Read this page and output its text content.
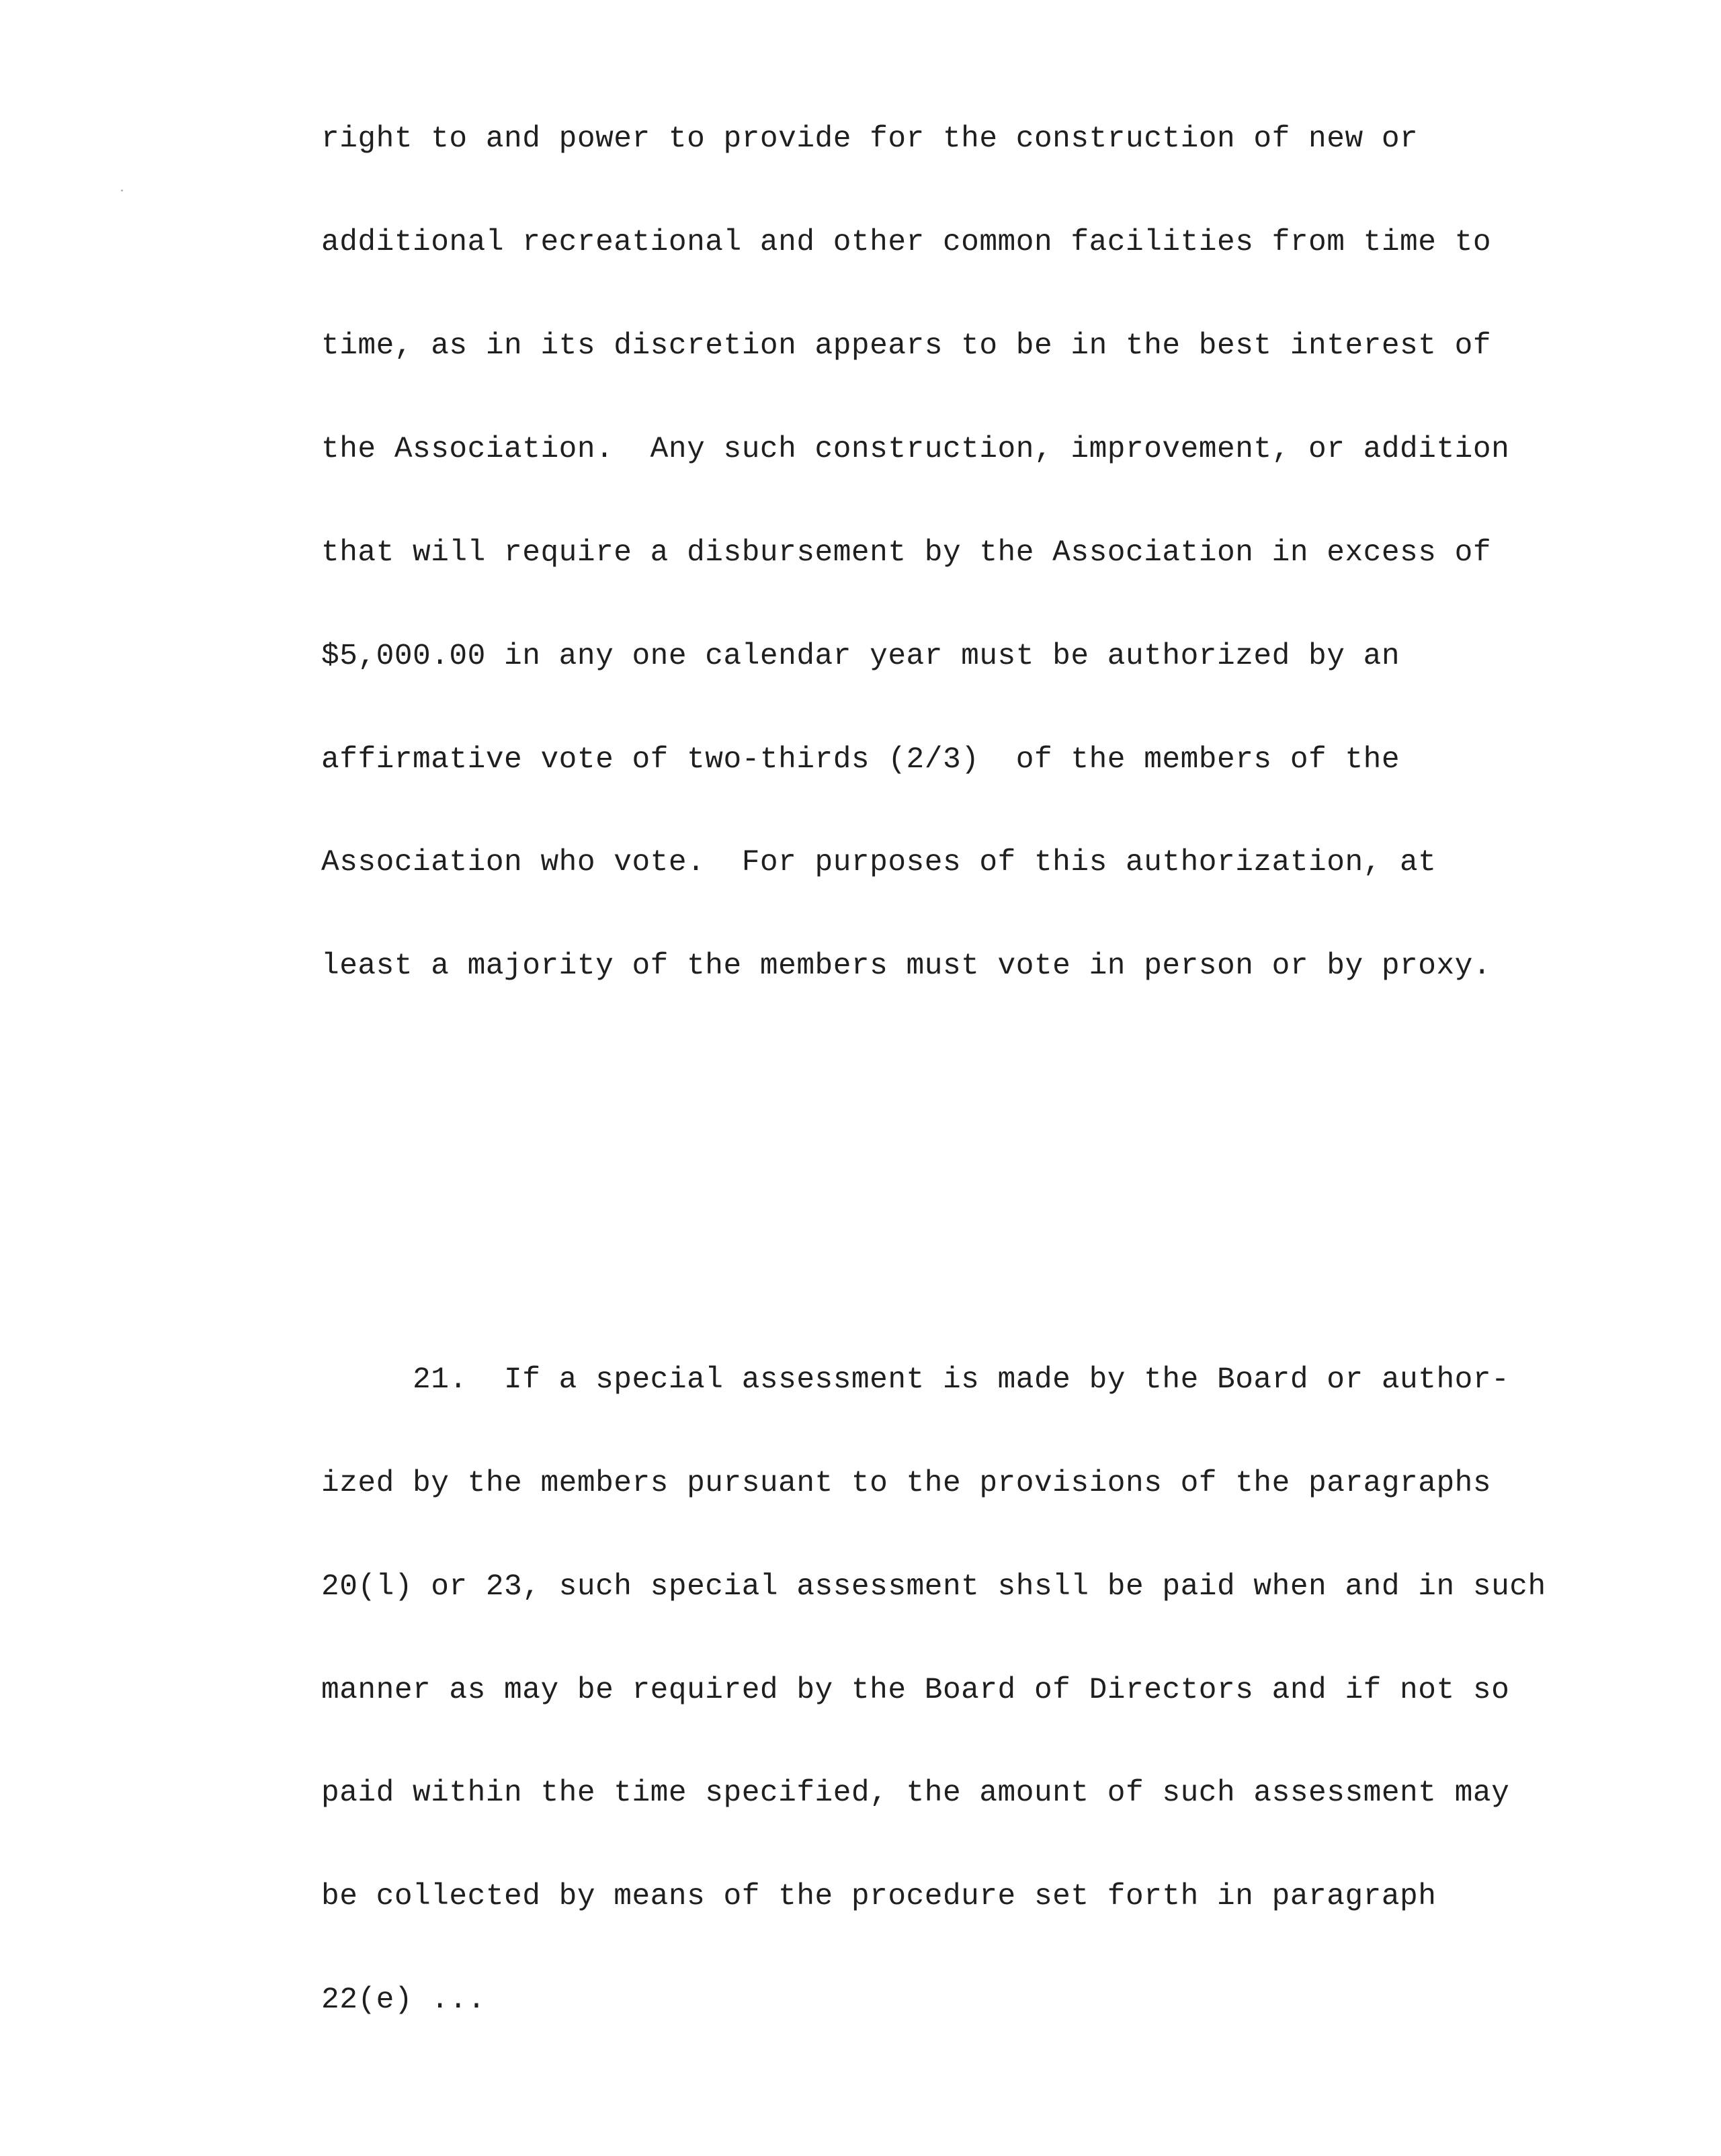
right to and power to provide for the construction of new or

additional recreational and other common facilities from time to

time, as in its discretion appears to be in the best interest of

the Association.  Any such construction, improvement, or addition

that will require a disbursement by the Association in excess of

$5,000.00 in any one calendar year must be authorized by an

affirmative vote of two-thirds (2/3)  of the members of the

Association who vote.  For purposes of this authorization, at

least a majority of the members must vote in person or by proxy.

21.  If a special assessment is made by the Board or author-

ized by the members pursuant to the provisions of the paragraphs

20(l) or 23, such special assessment shsll be paid when and in such

manner as may be required by the Board of Directors and if not so

paid within the time specified, the amount of such assessment may

be collected by means of the procedure set forth in paragraph

22(e) ...
